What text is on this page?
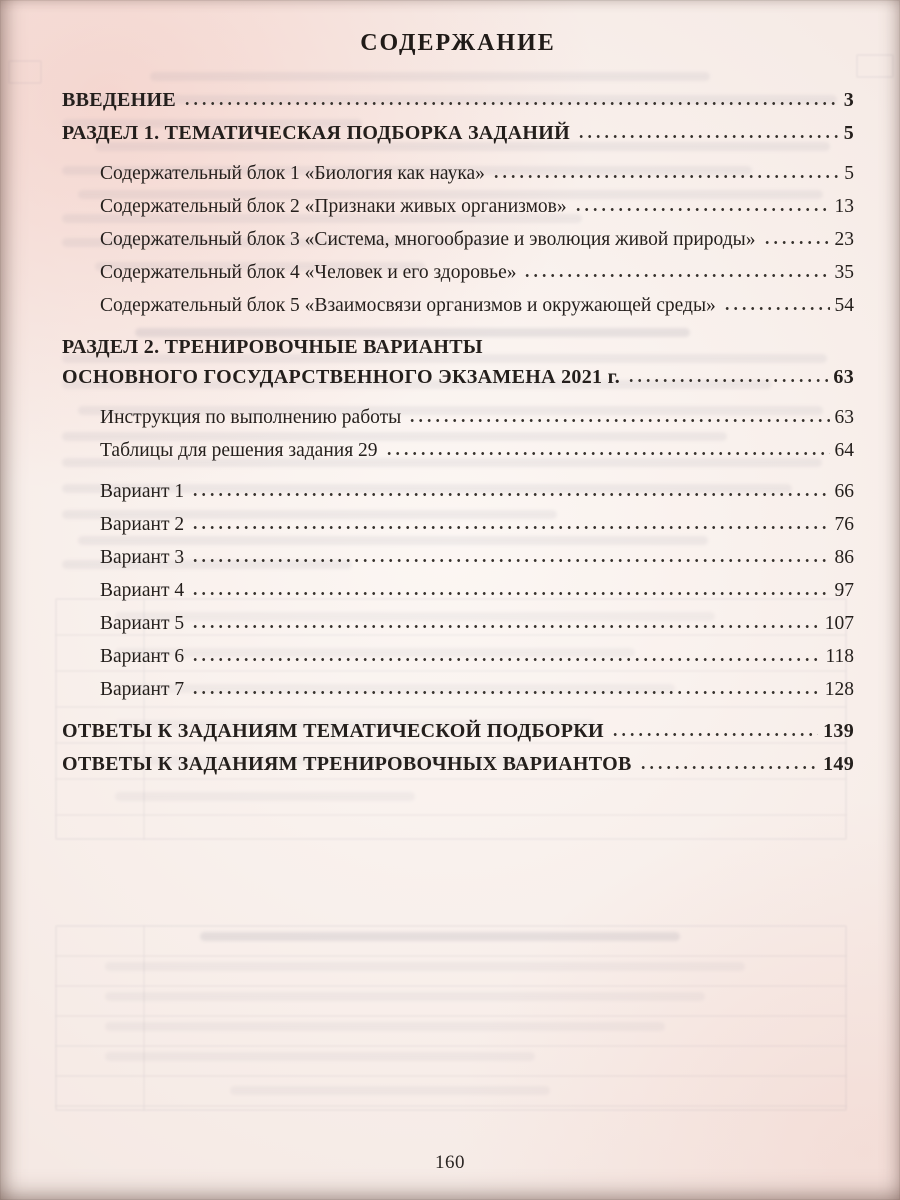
СОДЕРЖАНИЕ
ВВЕДЕНИЕ	3
РАЗДЕЛ 1. ТЕМАТИЧЕСКАЯ ПОДБОРКА ЗАДАНИЙ	5
Содержательный блок 1 «Биология как наука»	5
Содержательный блок 2 «Признаки живых организмов»	13
Содержательный блок 3 «Система, многообразие и эволюция живой природы»	23
Содержательный блок 4 «Человек и его здоровье»	35
Содержательный блок 5 «Взаимосвязи организмов и окружающей среды»	54
РАЗДЕЛ 2. ТРЕНИРОВОЧНЫЕ ВАРИАНТЫ
ОСНОВНОГО ГОСУДАРСТВЕННОГО ЭКЗАМЕНА 2021 г.	63
Инструкция по выполнению работы	63
Таблицы для решения задания 29	64
Вариант 1	66
Вариант 2	76
Вариант 3	86
Вариант 4	97
Вариант 5	107
Вариант 6	118
Вариант 7	128
ОТВЕТЫ К ЗАДАНИЯМ ТЕМАТИЧЕСКОЙ ПОДБОРКИ	139
ОТВЕТЫ К ЗАДАНИЯМ ТРЕНИРОВОЧНЫХ ВАРИАНТОВ	149
160
